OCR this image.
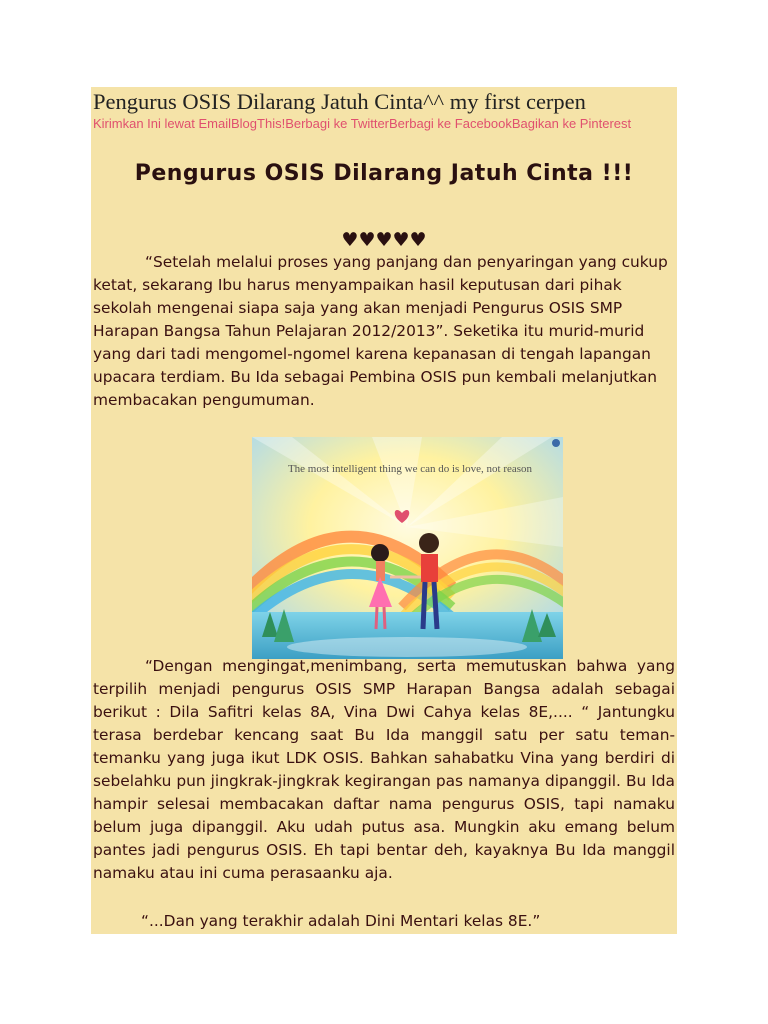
Pengurus OSIS Dilarang Jatuh Cinta^^ my first cerpen
Kirimkan Ini lewat EmailBlogThis!Berbagi ke TwitterBerbagi ke FacebookBagikan ke Pinterest
Pengurus OSIS Dilarang Jatuh Cinta !!!
♥♥♥♥♥
“Setelah melalui proses yang panjang dan penyaringan yang cukup ketat, sekarang Ibu harus menyampaikan hasil keputusan dari pihak sekolah mengenai siapa saja yang akan menjadi Pengurus OSIS SMP Harapan Bangsa Tahun Pelajaran 2012/2013”. Seketika itu murid-murid yang dari tadi mengomel-ngomel karena kepanasan di tengah lapangan upacara terdiam. Bu Ida sebagai Pembina OSIS pun kembali melanjutkan membacakan pengumuman.
The most intelligent thing we can do is love, not reason
“Dengan mengingat,menimbang, serta memutuskan bahwa yang terpilih menjadi pengurus OSIS SMP Harapan Bangsa adalah sebagai berikut : Dila Safitri kelas 8A, Vina Dwi Cahya kelas 8E,.... “ Jantungku terasa berdebar kencang saat Bu Ida manggil satu per satu teman-temanku yang juga ikut LDK OSIS. Bahkan sahabatku Vina yang berdiri di sebelahku pun jingkrak-jingkrak kegirangan pas namanya dipanggil. Bu Ida hampir selesai membacakan daftar nama pengurus OSIS, tapi namaku belum juga dipanggil. Aku udah putus asa. Mungkin aku emang belum pantes jadi pengurus OSIS. Eh tapi bentar deh, kayaknya Bu Ida manggil namaku atau ini cuma perasaanku aja.
“...Dan yang terakhir adalah Dini Mentari kelas 8E.”
